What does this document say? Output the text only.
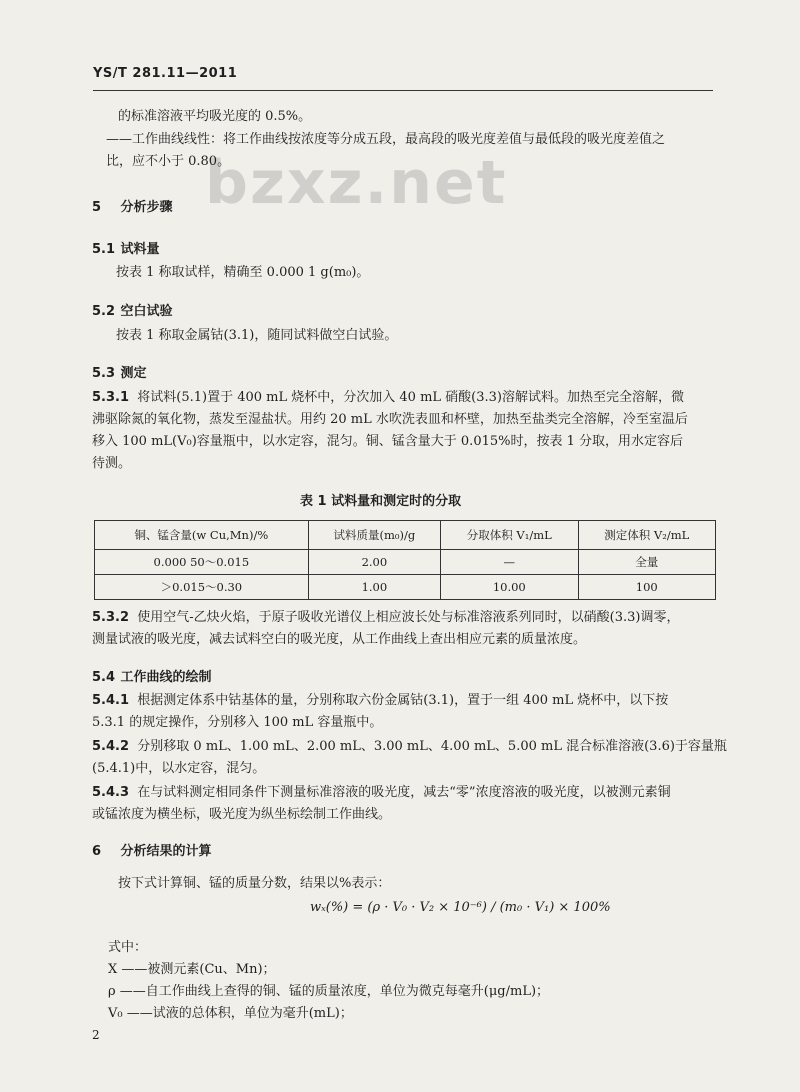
YS/T 281.11—2011
bzxz.net
的标准溶液平均吸光度的 0.5%。
——工作曲线线性：将工作曲线按浓度等分成五段，最高段的吸光度差值与最低段的吸光度差值之
比，应不小于 0.80。
5 分析步骤
5.1 试料量
按表 1 称取试样，精确至 0.000 1 g(m₀)。
5.2 空白试验
按表 1 称取金属钴(3.1)，随同试料做空白试验。
5.3 测定
5.3.1 将试料(5.1)置于 400 mL 烧杯中，分次加入 40 mL 硝酸(3.3)溶解试料。加热至完全溶解，微
沸驱除氮的氧化物，蒸发至湿盐状。用约 20 mL 水吹洗表皿和杯壁，加热至盐类完全溶解，冷至室温后
移入 100 mL(V₀)容量瓶中，以水定容，混匀。铜、锰含量大于 0.015%时，按表 1 分取，用水定容后
待测。
表 1 试料量和测定时的分取
铜、锰含量(w Cu,Mn)/%	试料质量(m₀)/g	分取体积 V₁/mL	测定体积 V₂/mL
0.000 50～0.015	2.00	—	全量
＞0.015～0.30	1.00	10.00	100
5.3.2 使用空气-乙炔火焰，于原子吸收光谱仪上相应波长处与标准溶液系列同时，以硝酸(3.3)调零，
测量试液的吸光度，减去试料空白的吸光度，从工作曲线上查出相应元素的质量浓度。
5.4 工作曲线的绘制
5.4.1 根据测定体系中钴基体的量，分别称取六份金属钴(3.1)，置于一组 400 mL 烧杯中，以下按
5.3.1 的规定操作，分别移入 100 mL 容量瓶中。
5.4.2 分别移取 0 mL、1.00 mL、2.00 mL、3.00 mL、4.00 mL、5.00 mL 混合标准溶液(3.6)于容量瓶
(5.4.1)中，以水定容，混匀。
5.4.3 在与试料测定相同条件下测量标准溶液的吸光度，减去“零”浓度溶液的吸光度，以被测元素铜
或锰浓度为横坐标，吸光度为纵坐标绘制工作曲线。
6 分析结果的计算
按下式计算铜、锰的质量分数，结果以%表示：
wₓ(%) = (ρ · V₀ · V₂ × 10⁻⁶) / (m₀ · V₁) × 100%
式中：
X ——被测元素(Cu、Mn)；
ρ ——自工作曲线上查得的铜、锰的质量浓度，单位为微克每毫升(μg/mL)；
V₀ ——试液的总体积，单位为毫升(mL)；
2
